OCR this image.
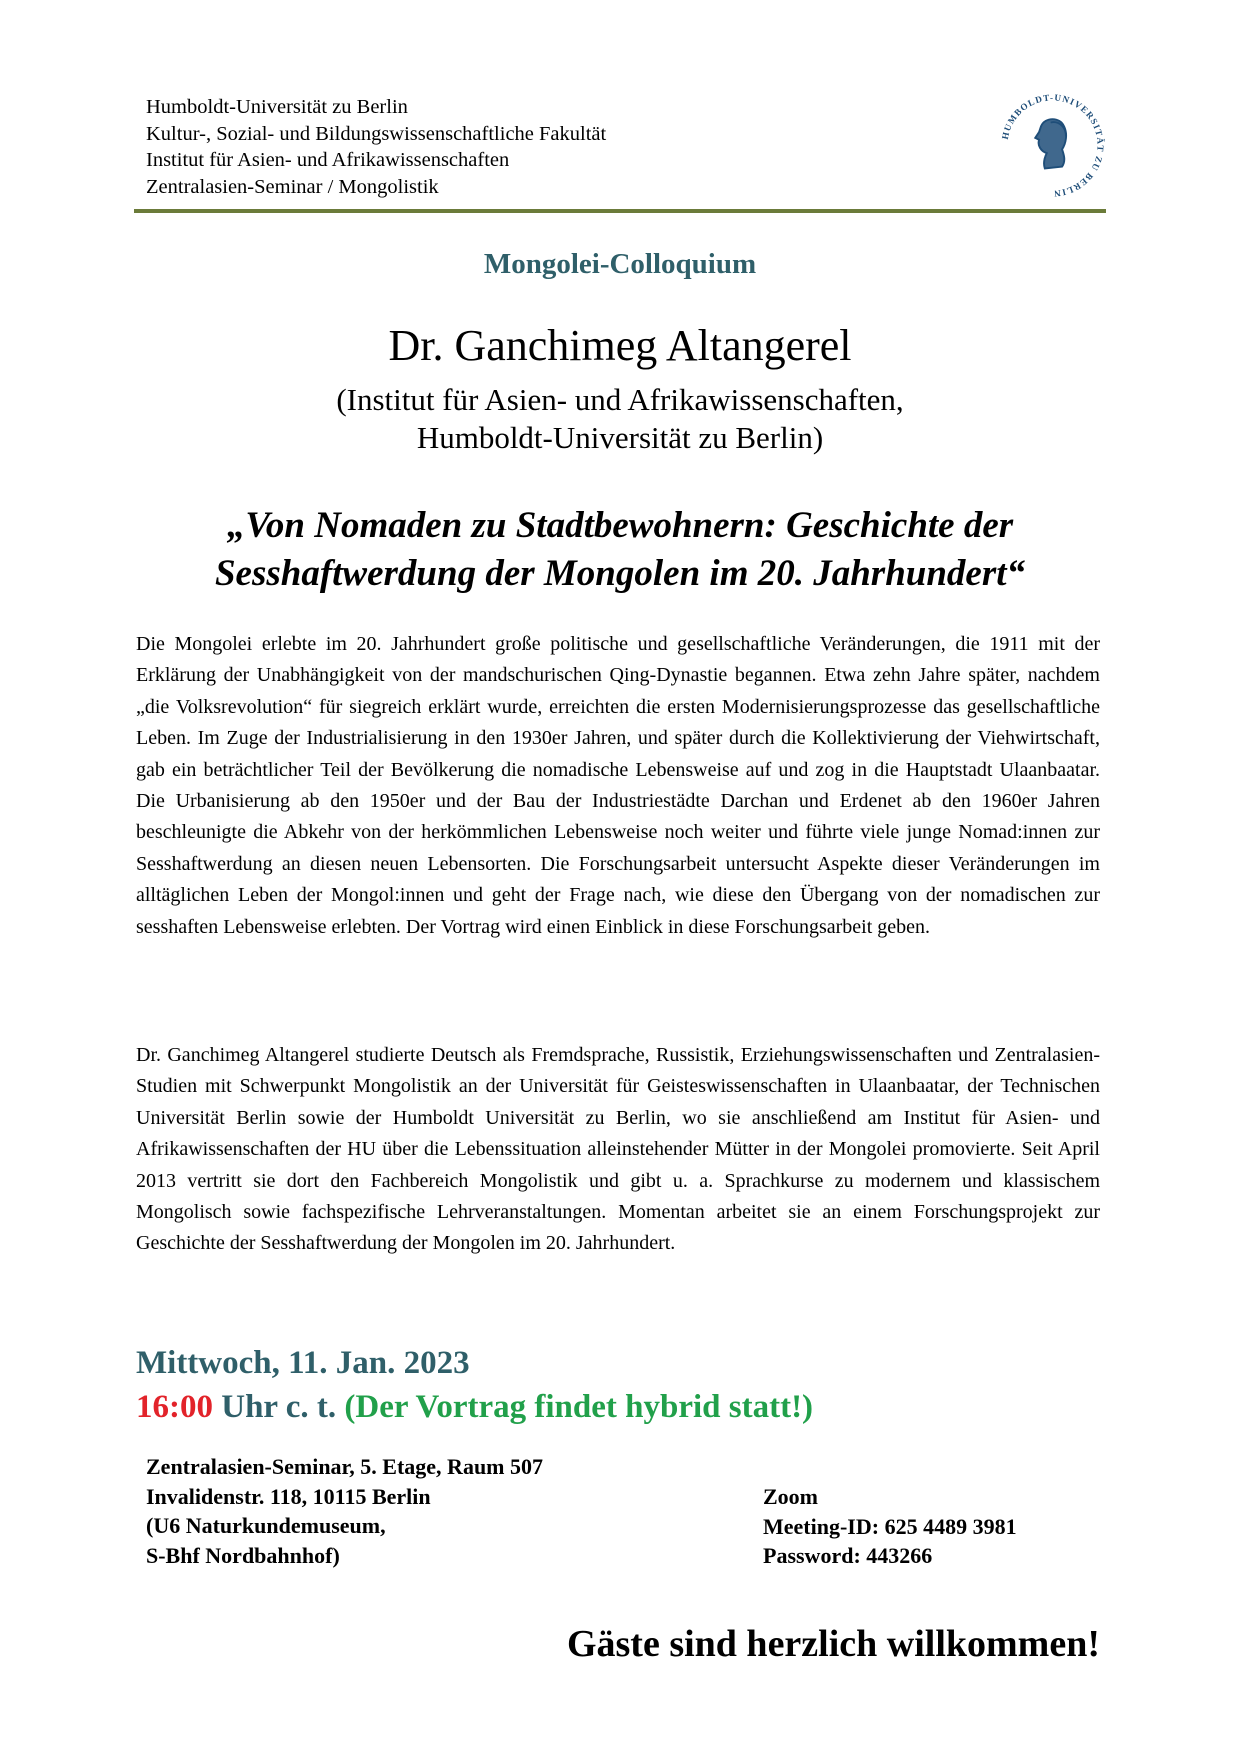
Humboldt-Universität zu Berlin
Kultur-, Sozial- und Bildungswissenschaftliche Fakultät
Institut für Asien- und Afrikawissenschaften
Zentralasien-Seminar / Mongolistik
HUMBOLDT-UNIVERSITÄT ZU BERLIN
Mongolei-Colloquium
Dr. Ganchimeg Altangerel
(Institut für Asien- und Afrikawissenschaften,
Humboldt-Universität zu Berlin)
„Von Nomaden zu Stadtbewohnern: Geschichte der
Sesshaftwerdung der Mongolen im 20. Jahrhundert“
Die Mongolei erlebte im 20. Jahrhundert große politische und gesellschaftliche Veränderungen, die 1911 mit der Erklärung der Unabhängigkeit von der mandschurischen Qing-Dynastie begannen. Etwa zehn Jahre später, nachdem „die Volksrevolution“ für siegreich erklärt wurde, erreichten die ersten Modernisierungsprozesse das gesellschaftliche Leben. Im Zuge der Industrialisierung in den 1930er Jahren, und später durch die Kollektivierung der Viehwirtschaft, gab ein beträchtlicher Teil der Bevölkerung die nomadische Lebensweise auf und zog in die Hauptstadt Ulaanbaatar. Die Urbanisierung ab den 1950er und der Bau der Industriestädte Darchan und Erdenet ab den 1960er Jahren beschleunigte die Abkehr von der herkömmlichen Lebensweise noch weiter und führte viele junge Nomad:innen zur Sesshaftwerdung an diesen neuen Lebensorten. Die Forschungsarbeit untersucht Aspekte dieser Veränderungen im alltäglichen Leben der Mongol:innen und geht der Frage nach, wie diese den Übergang von der nomadischen zur sesshaften Lebensweise erlebten. Der Vortrag wird einen Einblick in diese Forschungsarbeit geben.
Dr. Ganchimeg Altangerel studierte Deutsch als Fremdsprache, Russistik, Erziehungswissenschaften und Zentralasien-Studien mit Schwerpunkt Mongolistik an der Universität für Geisteswissenschaften in Ulaanbaatar, der Technischen Universität Berlin sowie der Humboldt Universität zu Berlin, wo sie anschließend am Institut für Asien- und Afrikawissenschaften der HU über die Lebenssituation alleinstehender Mütter in der Mongolei promovierte. Seit April 2013 vertritt sie dort den Fachbereich Mongolistik und gibt u. a. Sprachkurse zu modernem und klassischem Mongolisch sowie fachspezifische Lehrveranstaltungen. Momentan arbeitet sie an einem Forschungsprojekt zur Geschichte der Sesshaftwerdung der Mongolen im 20. Jahrhundert.
Mittwoch, 11. Jan. 2023
16:00 Uhr c. t. (Der Vortrag findet hybrid statt!)
Zentralasien-Seminar, 5. Etage, Raum 507
Invalidenstr. 118, 10115 Berlin
(U6 Naturkundemuseum,
S-Bhf Nordbahnhof)
Zoom
Meeting-ID: 625 4489 3981
Password: 443266
Gäste sind herzlich willkommen!
